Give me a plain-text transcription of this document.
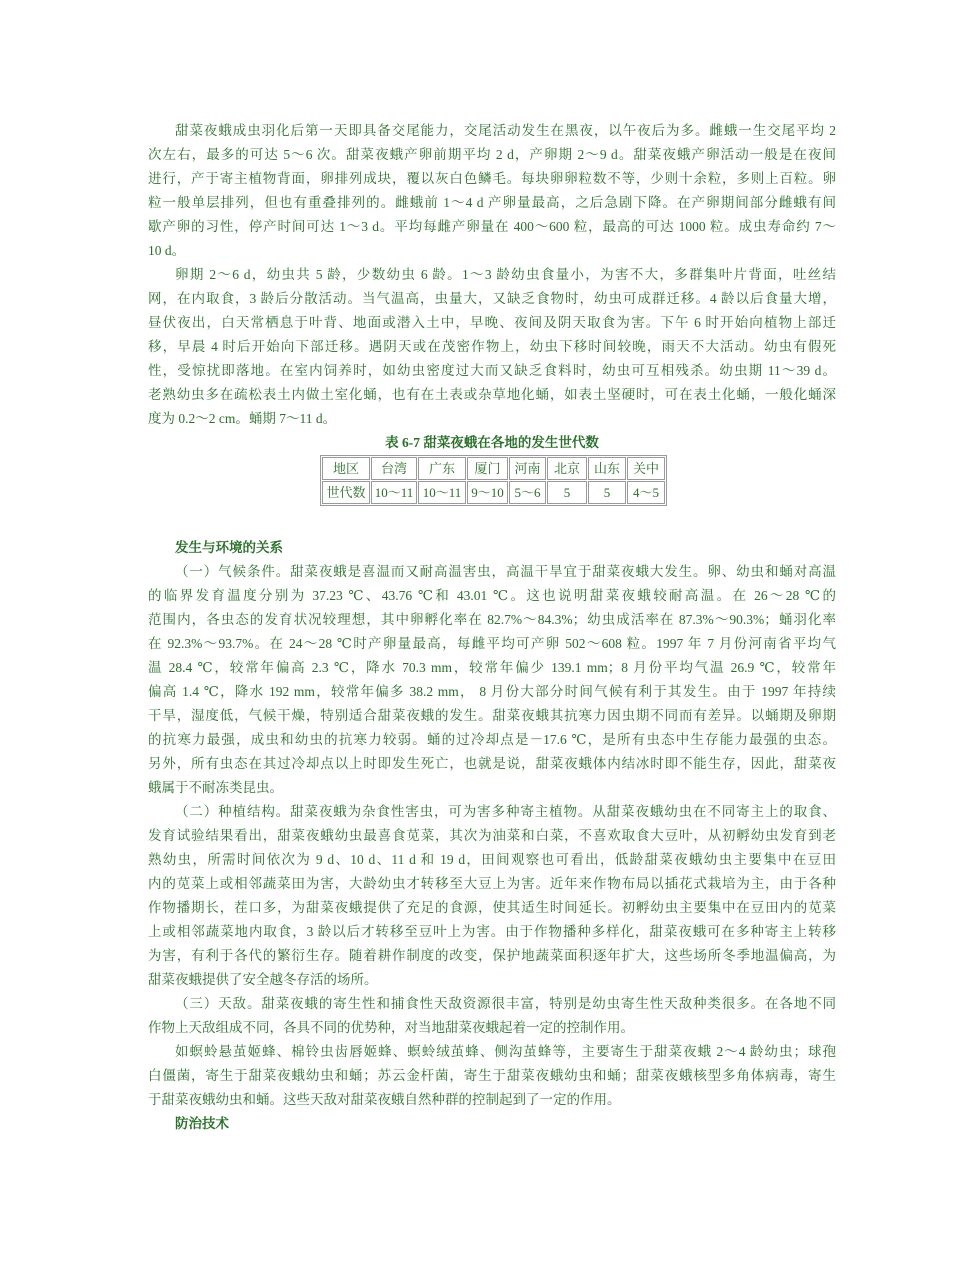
甜菜夜蛾成虫羽化后第一天即具备交尾能力，交尾活动发生在黑夜，以午夜后为多。雌蛾一生交尾平均 2
次左右，最多的可达 5～6 次。甜菜夜蛾产卵前期平均 2 d，产卵期 2～9 d。甜菜夜蛾产卵活动一般是在夜间
进行，产于寄主植物背面，卵排列成块，覆以灰白色鳞毛。每块卵卵粒数不等，少则十余粒，多则上百粒。卵
粒一般单层排列，但也有重叠排列的。雌蛾前 1～4 d 产卵量最高，之后急剧下降。在产卵期间部分雌蛾有间
歇产卵的习性，停产时间可达 1～3 d。平均每雌产卵量在 400～600 粒，最高的可达 1000 粒。成虫寿命约 7～
10 d。
卵期 2～6 d，幼虫共 5 龄，少数幼虫 6 龄。1～3 龄幼虫食量小，为害不大，多群集叶片背面，吐丝结
网，在内取食，3 龄后分散活动。当气温高，虫量大，又缺乏食物时，幼虫可成群迁移。4 龄以后食量大增，
昼伏夜出，白天常栖息于叶背、地面或潜入土中，早晚、夜间及阴天取食为害。下午 6 时开始向植物上部迁
移，早晨 4 时后开始向下部迁移。遇阴天或在茂密作物上，幼虫下移时间较晚，雨天不大活动。幼虫有假死
性，受惊扰即落地。在室内饲养时，如幼虫密度过大而又缺乏食料时，幼虫可互相残杀。幼虫期 11～39 d。
老熟幼虫多在疏松表土内做土室化蛹，也有在土表或杂草地化蛹，如表土坚硬时，可在表土化蛹，一般化蛹深
度为 0.2～2 cm。蛹期 7～11 d。
表 6-7 甜菜夜蛾在各地的发生世代数
地区	台湾	广东	厦门	河南	北京	山东	关中
世代数	10～11	10～11	9～10	5～6	5	5	4～5
发生与环境的关系
（一）气候条件。甜菜夜蛾是喜温而又耐高温害虫，高温干旱宜于甜菜夜蛾大发生。卵、幼虫和蛹对高温
的临界发育温度分别为 37.23 ℃、43.76 ℃和 43.01 ℃。这也说明甜菜夜蛾较耐高温。在 26～28 ℃的
范围内，各虫态的发育状况较理想，其中卵孵化率在 82.7%～84.3%；幼虫成活率在 87.3%～90.3%；蛹羽化率
在 92.3%～93.7%。在 24～28 ℃时产卵量最高，每雌平均可产卵 502～608 粒。1997 年 7 月份河南省平均气
温 28.4 ℃，较常年偏高 2.3 ℃，降水 70.3 mm，较常年偏少 139.1 mm；8 月份平均气温 26.9 ℃，较常年
偏高 1.4 ℃，降水 192 mm，较常年偏多 38.2 mm， 8 月份大部分时间气候有利于其发生。由于 1997 年持续
干旱，湿度低，气候干燥，特别适合甜菜夜蛾的发生。甜菜夜蛾其抗寒力因虫期不同而有差异。以蛹期及卵期
的抗寒力最强，成虫和幼虫的抗寒力较弱。蛹的过冷却点是－17.6 ℃，是所有虫态中生存能力最强的虫态。
另外，所有虫态在其过冷却点以上时即发生死亡，也就是说，甜菜夜蛾体内结冰时即不能生存，因此，甜菜夜
蛾属于不耐冻类昆虫。
（二）种植结构。甜菜夜蛾为杂食性害虫，可为害多种寄主植物。从甜菜夜蛾幼虫在不同寄主上的取食、
发育试验结果看出，甜菜夜蛾幼虫最喜食苋菜，其次为油菜和白菜，不喜欢取食大豆叶，从初孵幼虫发育到老
熟幼虫，所需时间依次为 9 d、10 d、11 d 和 19 d，田间观察也可看出，低龄甜菜夜蛾幼虫主要集中在豆田
内的苋菜上或相邻蔬菜田为害，大龄幼虫才转移至大豆上为害。近年来作物布局以插花式栽培为主，由于各种
作物播期长，茬口多，为甜菜夜蛾提供了充足的食源，使其适生时间延长。初孵幼虫主要集中在豆田内的苋菜
上或相邻蔬菜地内取食，3 龄以后才转移至豆叶上为害。由于作物播种多样化，甜菜夜蛾可在多种寄主上转移
为害，有利于各代的繁衍生存。随着耕作制度的改变，保护地蔬菜面积逐年扩大，这些场所冬季地温偏高，为
甜菜夜蛾提供了安全越冬存活的场所。
（三）天敌。甜菜夜蛾的寄生性和捕食性天敌资源很丰富，特别是幼虫寄生性天敌种类很多。在各地不同
作物上天敌组成不同，各具不同的优势种，对当地甜菜夜蛾起着一定的控制作用。
如螟蛉悬茧姬蜂、棉铃虫齿唇姬蜂、螟蛉绒茧蜂、侧沟茧蜂等，主要寄生于甜菜夜蛾 2～4 龄幼虫；球孢
白僵菌，寄生于甜菜夜蛾幼虫和蛹；苏云金杆菌，寄生于甜菜夜蛾幼虫和蛹；甜菜夜蛾核型多角体病毒，寄生
于甜菜夜蛾幼虫和蛹。这些天敌对甜菜夜蛾自然种群的控制起到了一定的作用。
防治技术
